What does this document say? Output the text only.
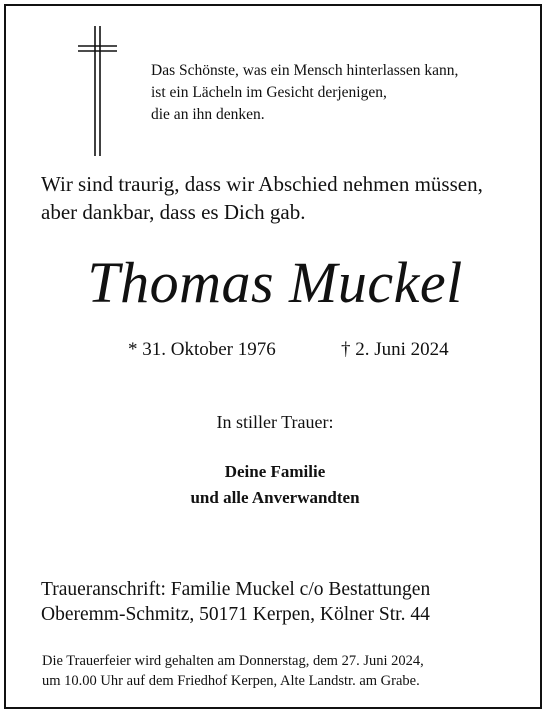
Das Schönste, was ein Mensch hinterlassen kann,
ist ein Lächeln im Gesicht derjenigen,
die an ihn denken.
Wir sind traurig, dass wir Abschied nehmen müssen,
aber dankbar, dass es Dich gab.
Thomas Muckel
* 31. Oktober 1976	† 2. Juni 2024
In stiller Trauer:
Deine Familie
und alle Anverwandten
Traueranschrift: Familie Muckel c/o Bestattungen
Oberemm-Schmitz, 50171 Kerpen, Kölner Str. 44
Die Trauerfeier wird gehalten am Donnerstag, dem 27. Juni 2024,
um 10.00 Uhr auf dem Friedhof Kerpen, Alte Landstr. am Grabe.
